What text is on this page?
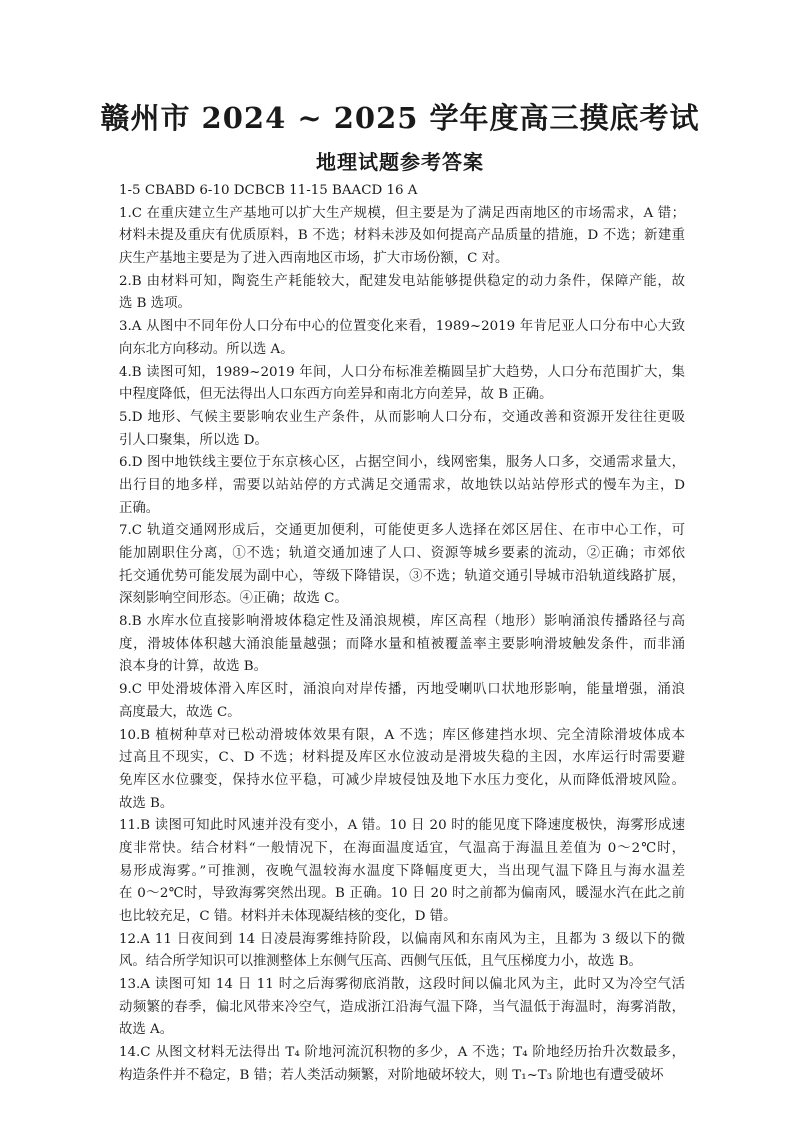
赣州市 2024 ~ 2025 学年度高三摸底考试
地理试题参考答案
1-5 CBABD 6-10 DCBCB 11-15 BAACD 16 A
1.C 在重庆建立生产基地可以扩大生产规模，但主要是为了满足西南地区的市场需求，A 错；
材料未提及重庆有优质原料，B 不选；材料未涉及如何提高产品质量的措施，D 不选；新建重
庆生产基地主要是为了进入西南地区市场，扩大市场份额，C 对。
2.B 由材料可知，陶瓷生产耗能较大，配建发电站能够提供稳定的动力条件，保障产能，故
选 B 选项。
3.A 从图中不同年份人口分布中心的位置变化来看，1989~2019 年肯尼亚人口分布中心大致
向东北方向移动。所以选 A。
4.B 读图可知，1989~2019 年间，人口分布标准差椭圆呈扩大趋势，人口分布范围扩大，集
中程度降低，但无法得出人口东西方向差异和南北方向差异，故 B 正确。
5.D 地形、气候主要影响农业生产条件，从而影响人口分布，交通改善和资源开发往往更吸
引人口聚集，所以选 D。
6.D 图中地铁线主要位于东京核心区，占据空间小，线网密集，服务人口多，交通需求量大，
出行目的地多样，需要以站站停的方式满足交通需求，故地铁以站站停形式的慢车为主，D
正确。
7.C 轨道交通网形成后，交通更加便利，可能使更多人选择在郊区居住、在市中心工作，可
能加剧职住分离，①不选；轨道交通加速了人口、资源等城乡要素的流动，②正确；市郊依
托交通优势可能发展为副中心，等级下降错误，③不选；轨道交通引导城市沿轨道线路扩展，
深刻影响空间形态。④正确；故选 C。
8.B 水库水位直接影响滑坡体稳定性及涌浪规模，库区高程（地形）影响涌浪传播路径与高
度，滑坡体体积越大涌浪能量越强；而降水量和植被覆盖率主要影响滑坡触发条件，而非涌
浪本身的计算，故选 B。
9.C 甲处滑坡体滑入库区时，涌浪向对岸传播，丙地受喇叭口状地形影响，能量增强，涌浪
高度最大，故选 C。
10.B 植树种草对已松动滑坡体效果有限，A 不选；库区修建挡水坝、完全清除滑坡体成本
过高且不现实，C、D 不选；材料提及库区水位波动是滑坡失稳的主因，水库运行时需要避
免库区水位骤变，保持水位平稳，可减少岸坡侵蚀及地下水压力变化，从而降低滑坡风险。
故选 B。
11.B 读图可知此时风速并没有变小，A 错。10 日 20 时的能见度下降速度极快，海雾形成速
度非常快。结合材料“一般情况下，在海面温度适宜，气温高于海温且差值为 0～2℃时，
易形成海雾。”可推测，夜晚气温较海水温度下降幅度更大，当出现气温下降且与海水温差
在 0～2℃时，导致海雾突然出现。B 正确。10 日 20 时之前都为偏南风，暖湿水汽在此之前
也比较充足，C 错。材料并未体现凝结核的变化，D 错。
12.A 11 日夜间到 14 日凌晨海雾维持阶段，以偏南风和东南风为主，且都为 3 级以下的微
风。结合所学知识可以推测整体上东侧气压高、西侧气压低，且气压梯度力小，故选 B。
13.A 读图可知 14 日 11 时之后海雾彻底消散，这段时间以偏北风为主，此时又为冷空气活
动频繁的春季，偏北风带来冷空气，造成浙江沿海气温下降，当气温低于海温时，海雾消散，
故选 A。
14.C 从图文材料无法得出 T₄ 阶地河流沉积物的多少，A 不选；T₄ 阶地经历抬升次数最多，
构造条件并不稳定，B 错；若人类活动频繁，对阶地破坏较大，则 T₁~T₃ 阶地也有遭受破坏
